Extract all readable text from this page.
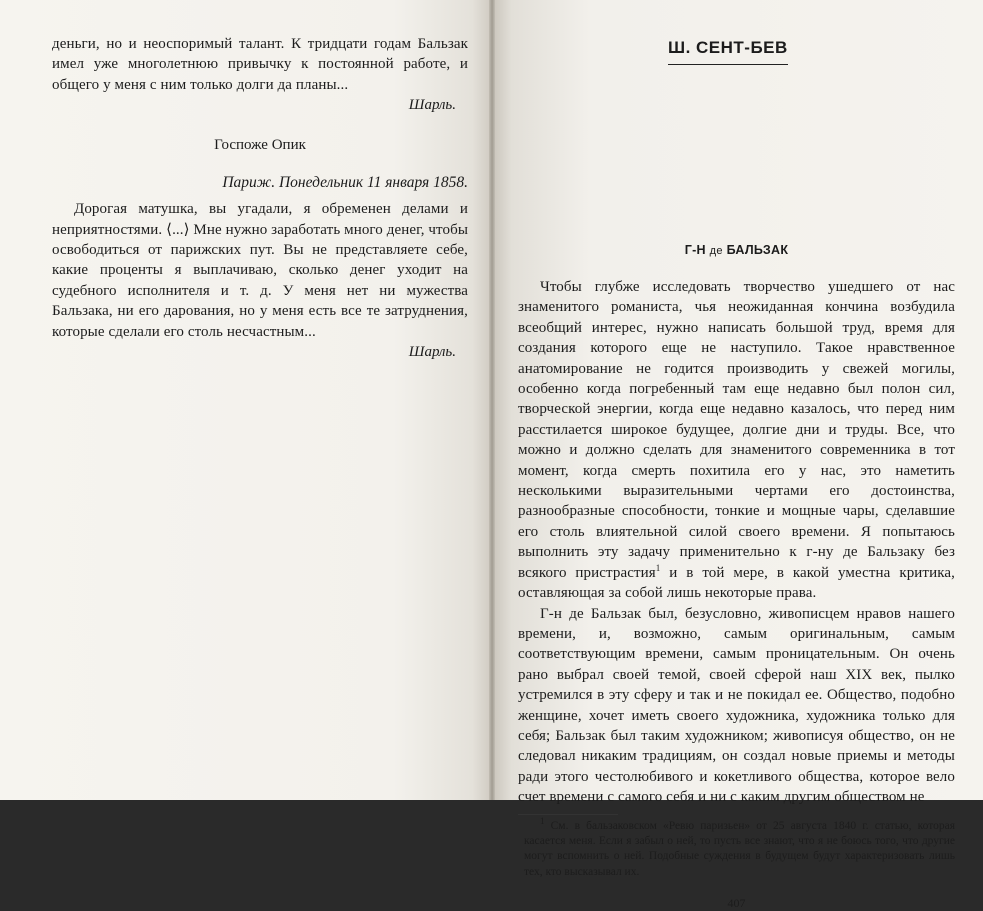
деньги, но и неоспоримый талант. К тридцати годам Бальзак имел уже многолетнюю привычку к постоянной работе, и общего у меня с ним только долги да планы...

Шарль.

Госпоже Опик

Париж. Понедельник 11 января 1858.

Дорогая матушка, вы угадали, я обременен делами и неприятностями. ⟨...⟩ Мне нужно заработать много денег, чтобы освободиться от парижских пут. Вы не представляете себе, какие проценты я выплачиваю, сколько денег уходит на судебного исполнителя и т. д. У меня нет ни мужества Бальзака, ни его дарования, но у меня есть все те затруднения, которые сделали его столь несчастным...

Шарль.

Ш. СЕНТ-БЕВ
Г-Н де БАЛЬЗАК

Чтобы глубже исследовать творчество ушедшего от нас знаменитого романиста, чья неожиданная кончина возбудила всеобщий интерес, нужно написать большой труд, время для создания которого еще не наступило. Такое нравственное анатомирование не годится производить у свежей могилы, особенно когда погребенный там еще недавно был полон сил, творческой энергии, когда еще недавно казалось, что перед ним расстилается широкое будущее, долгие дни и труды. Все, что можно и должно сделать для знаменитого современника в тот момент, когда смерть похитила его у нас, это наметить несколькими выразительными чертами его достоинства, разнообразные способности, тонкие и мощные чары, сделавшие его столь влиятельной силой своего времени. Я попытаюсь выполнить эту задачу применительно к г-ну де Бальзаку без всякого пристрастия$^1$ и в той мере, в какой уместна критика, оставляющая за собой лишь некоторые права.

Г-н де Бальзак был, безусловно, живописцем нравов нашего времени, и, возможно, самым оригинальным, самым соответствующим времени, самым проницательным. Он очень рано выбрал своей темой, своей сферой наш XIX век, пылко устремился в эту сферу и так и не покидал ее. Общество, подобно женщине, хочет иметь своего художника, художника только для себя; Бальзак был таким художником; живописуя общество, он не следовал никаким традициям, он создал новые приемы и методы ради этого честолюбивого и кокетливого общества, которое вело счет времени с самого себя и ни с каким другим обществом не

$^1$ См. в бальзаковском «Ревю паризьен» от 25 августа 1840 г. статью, которая касается меня. Если я забыл о ней, то пусть все знают, что я не боюсь того, что другие могут вспомнить о ней. Подобные суждения в будущем будут характеризовать лишь тех, кто высказывал их.

407
